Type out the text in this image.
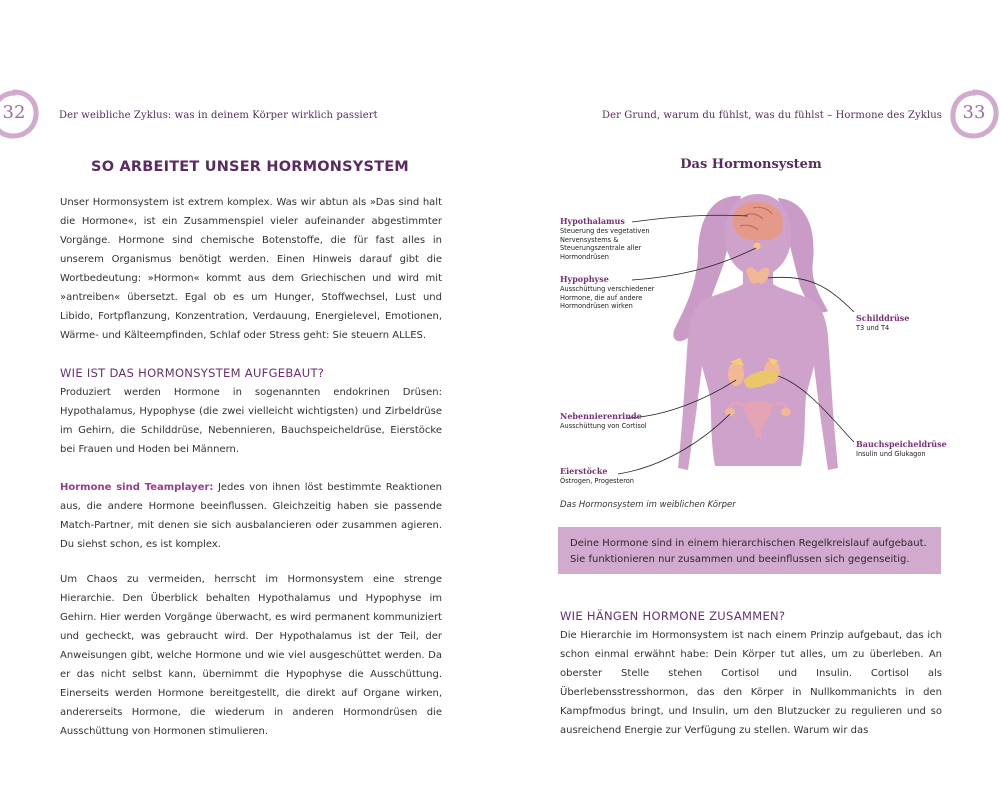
32	Der weibliche Zyklus: was in deinem Körper wirklich passiert
SO ARBEITET UNSER HORMONSYSTEM
Unser Hormonsystem ist extrem komplex. Was wir abtun als »Das sind halt die Hormone«, ist ein Zusammenspiel vieler aufeinander abgestimmter Vorgänge. Hormone sind chemische Botenstoffe, die für fast alles in unserem Organismus benötigt werden. Einen Hinweis darauf gibt die Wortbedeutung: »Hormon« kommt aus dem Griechischen und wird mit »antreiben« übersetzt. Egal ob es um Hunger, Stoffwechsel, Lust und Libido, Fortpflanzung, Konzentration, Verdauung, Energielevel, Emotionen, Wärme- und Kälteempfinden, Schlaf oder Stress geht: Sie steuern ALLES.
WIE IST DAS HORMONSYSTEM AUFGEBAUT?
Produziert werden Hormone in sogenannten endokrinen Drüsen: Hypothalamus, Hypophyse (die zwei vielleicht wichtigsten) und Zirbeldrüse im Gehirn, die Schilddrüse, Nebennieren, Bauchspeicheldrüse, Eierstöcke bei Frauen und Hoden bei Männern.
Hormone sind Teamplayer: Jedes von ihnen löst bestimmte Reaktionen aus, die andere Hormone beeinflussen. Gleichzeitig haben sie passende Match-Partner, mit denen sie sich ausbalancieren oder zusammen agieren. Du siehst schon, es ist komplex.
Um Chaos zu vermeiden, herrscht im Hormonsystem eine strenge Hierarchie. Den Überblick behalten Hypothalamus und Hypophyse im Gehirn. Hier werden Vorgänge überwacht, es wird permanent kommuniziert und gecheckt, was gebraucht wird. Der Hypothalamus ist der Teil, der Anweisungen gibt, welche Hormone und wie viel ausgeschüttet werden. Da er das nicht selbst kann, übernimmt die Hypophyse die Ausschüttung. Einerseits werden Hormone bereitgestellt, die direkt auf Organe wirken, andererseits Hormone, die wiederum in anderen Hormondrüsen die Ausschüttung von Hormonen stimulieren.
33
Der Grund, warum du fühlst, was du fühlst – Hormone des Zyklus
Das Hormonsystem
Hypothalamus
Steuerung des vegetativen Nervensystems & Steuerungszentrale aller Hormondrüsen
Hypophyse
Ausschüttung verschiedener Hormone, die auf andere Hormondrüsen wirken
Schilddrüse
T3 und T4
Nebennierenrinde
Ausschüttung von Cortisol
Bauchspeicheldrüse
Insulin und Glukagon
Eierstöcke
Östrogen, Progesteron
Das Hormonsystem im weiblichen Körper

Deine Hormone sind in einem hierarchischen Regelkreislauf aufgebaut. Sie funktionieren nur zusammen und beeinflussen sich gegenseitig.

WIE HÄNGEN HORMONE ZUSAMMEN?
Die Hierarchie im Hormonsystem ist nach einem Prinzip aufgebaut, das ich schon einmal erwähnt habe: Dein Körper tut alles, um zu überleben. An oberster Stelle stehen Cortisol und Insulin. Cortisol als Überlebensstresshormon, das den Körper in Nullkommanichts in den Kampfmodus bringt, und Insulin, um den Blutzucker zu regulieren und so ausreichend Energie zur Verfügung zu stellen. Warum wir das
